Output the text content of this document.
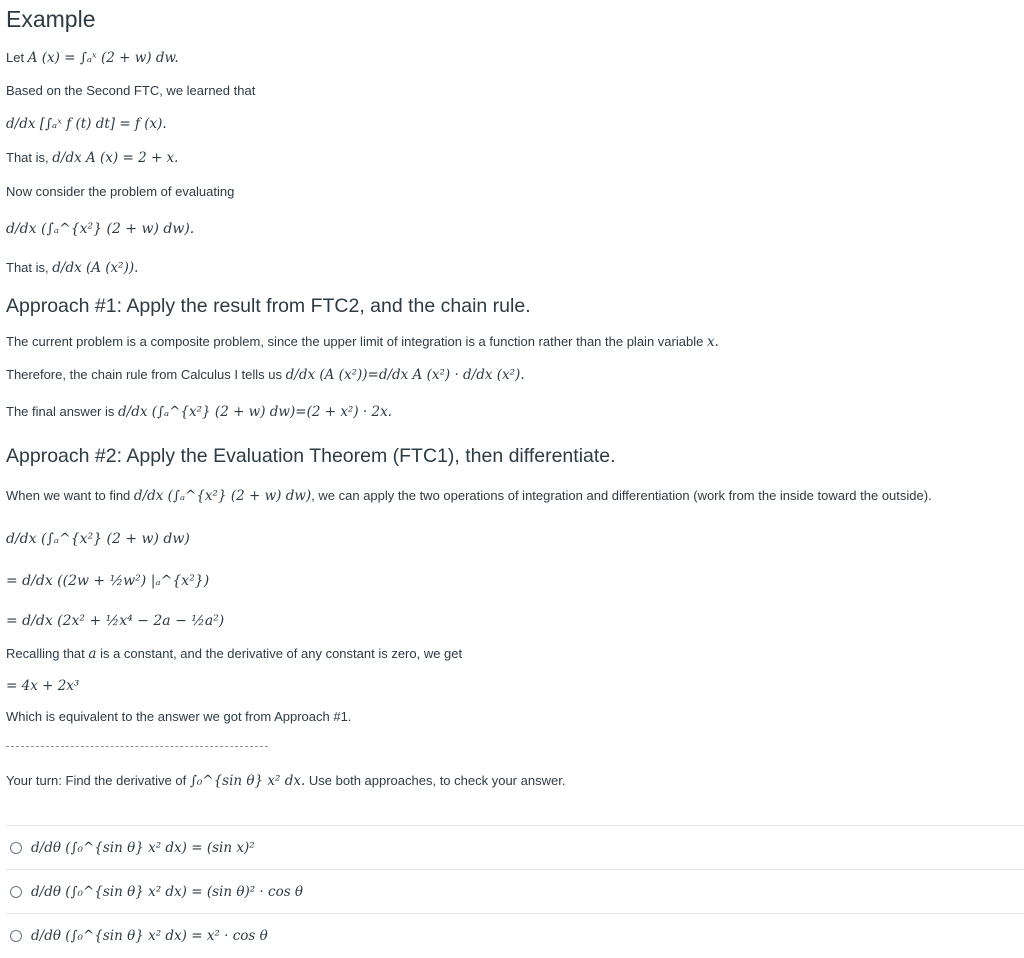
Example
Let A (x) = ∫ₐˣ (2 + w) dw.
Based on the Second FTC, we learned that
d/dx [∫ₐˣ f (t) dt] = f (x).
That is, d/dx A (x) = 2 + x.
Now consider the problem of evaluating
d/dx (∫ₐ^{x²} (2 + w) dw).
That is, d/dx (A (x²)).
Approach #1: Apply the result from FTC2, and the chain rule.
The current problem is a composite problem, since the upper limit of integration is a function rather than the plain variable x.
Therefore, the chain rule from Calculus I tells us d/dx (A (x²))=d/dx A (x²) · d/dx (x²).
The final answer is d/dx (∫ₐ^{x²} (2 + w) dw)=(2 + x²) · 2x.
Approach #2: Apply the Evaluation Theorem (FTC1), then differentiate.
When we want to find d/dx (∫ₐ^{x²} (2 + w) dw), we can apply the two operations of integration and differentiation (work from the inside toward the outside).
d/dx (∫ₐ^{x²} (2 + w) dw)
= d/dx ((2w + ½w²) |ₐ^{x²})
= d/dx (2x² + ½x⁴ − 2a − ½a²)
Recalling that a is a constant, and the derivative of any constant is zero, we get
= 4x + 2x³
Which is equivalent to the answer we got from Approach #1.
Your turn: Find the derivative of ∫₀^{sin θ} x² dx. Use both approaches, to check your answer.
d/dθ (∫₀^{sin θ} x² dx) = (sin x)²
d/dθ (∫₀^{sin θ} x² dx) = (sin θ)² · cos θ
d/dθ (∫₀^{sin θ} x² dx) = x² · cos θ
